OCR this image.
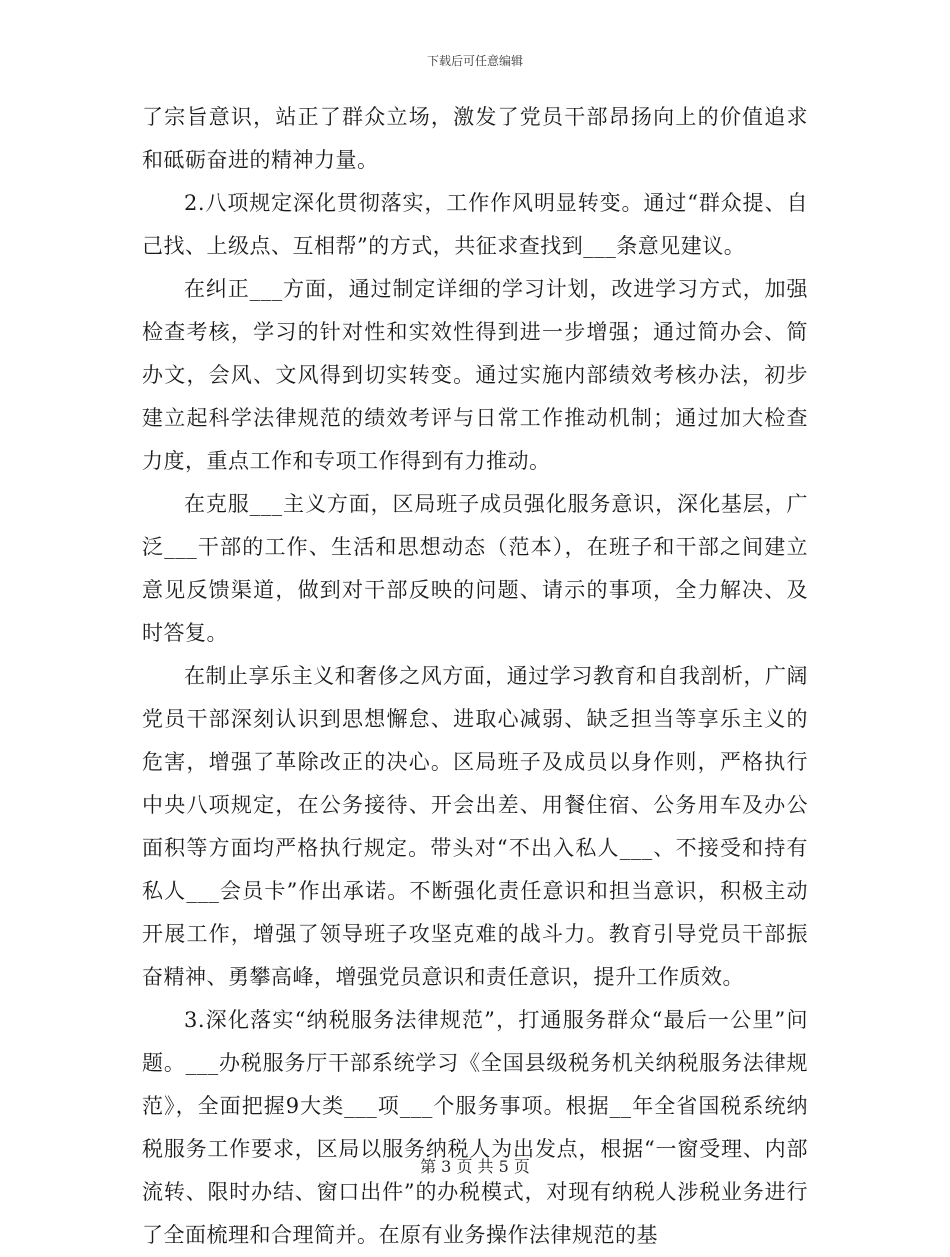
下载后可任意编辑

了宗旨意识，站正了群众立场，激发了党员干部昂扬向上的价值追求和砥砺奋进的精神力量。

2.八项规定深化贯彻落实，工作作风明显转变。通过“群众提、自己找、上级点、互相帮”的方式，共征求查找到___条意见建议。

在纠正___方面，通过制定详细的学习计划，改进学习方式，加强检查考核，学习的针对性和实效性得到进一步增强；通过简办会、简办文，会风、文风得到切实转变。通过实施内部绩效考核办法，初步建立起科学法律规范的绩效考评与日常工作推动机制；通过加大检查力度，重点工作和专项工作得到有力推动。

在克服___主义方面，区局班子成员强化服务意识，深化基层，广泛___干部的工作、生活和思想动态（范本），在班子和干部之间建立意见反馈渠道，做到对干部反映的问题、请示的事项，全力解决、及时答复。

在制止享乐主义和奢侈之风方面，通过学习教育和自我剖析，广阔党员干部深刻认识到思想懈怠、进取心减弱、缺乏担当等享乐主义的危害，增强了革除改正的决心。区局班子及成员以身作则，严格执行中央八项规定，在公务接待、开会出差、用餐住宿、公务用车及办公面积等方面均严格执行规定。带头对“不出入私人___、不接受和持有私人___会员卡”作出承诺。不断强化责任意识和担当意识，积极主动开展工作，增强了领导班子攻坚克难的战斗力。教育引导党员干部振奋精神、勇攀高峰，增强党员意识和责任意识，提升工作质效。

3.深化落实“纳税服务法律规范”，打通服务群众“最后一公里”问题。___办税服务厅干部系统学习《全国县级税务机关纳税服务法律规范》，全面把握9大类___项___个服务事项。根据__年全省国税系统纳税服务工作要求，区局以服务纳税人为出发点，根据“一窗受理、内部流转、限时办结、窗口出件”的办税模式，对现有纳税人涉税业务进行了全面梳理和合理简并。在原有业务操作法律规范的基

第 3 页 共 5 页
